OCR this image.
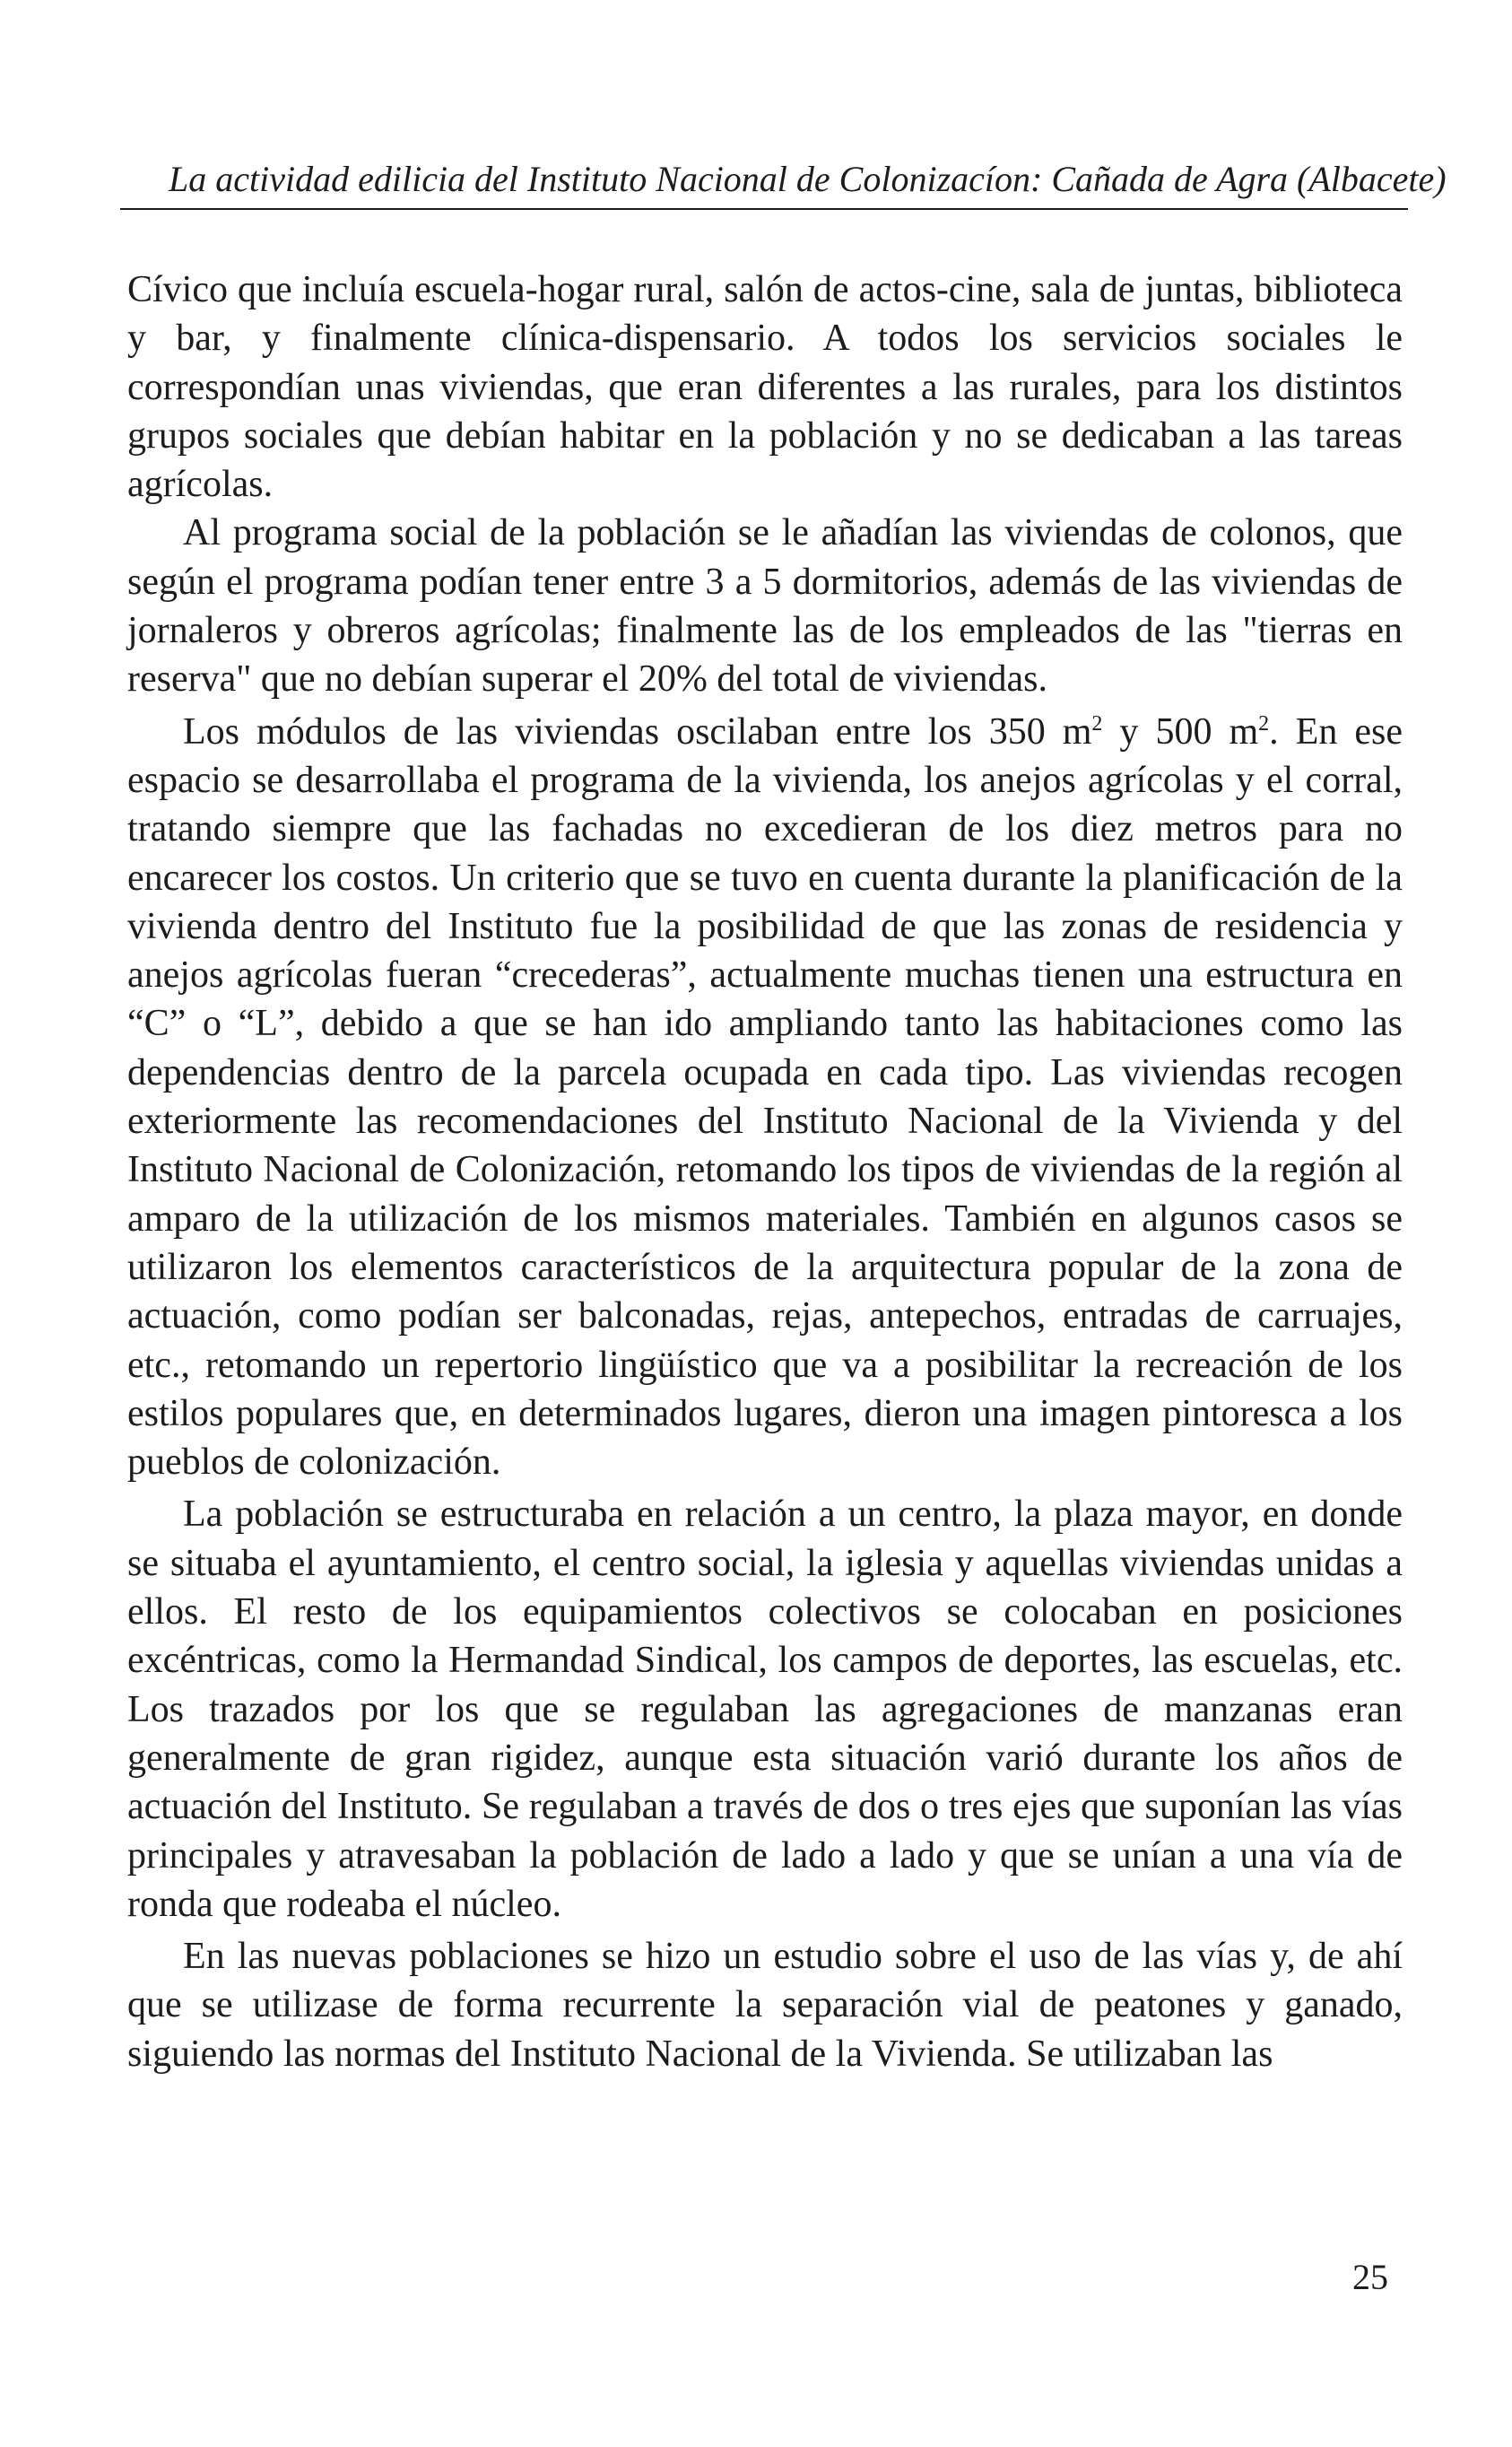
La actividad edilicia del Instituto Nacional de Colonizacíon: Cañada de Agra (Albacete)

Cívico que incluía escuela-hogar rural, salón de actos-cine, sala de juntas, biblioteca y bar, y finalmente clínica-dispensario. A todos los servicios sociales le correspondían unas viviendas, que eran diferentes a las rurales, para los distintos grupos sociales que debían habitar en la población y no se dedicaban a las tareas agrícolas.

Al programa social de la población se le añadían las viviendas de colonos, que según el programa podían tener entre 3 a 5 dormitorios, además de las viviendas de jornaleros y obreros agrícolas; finalmente las de los empleados de las "tierras en reserva" que no debían superar el 20% del total de viviendas.

Los módulos de las viviendas oscilaban entre los 350 $m^2$ y 500 $m^2$. En ese espacio se desarrollaba el programa de la vivienda, los anejos agrícolas y el corral, tratando siempre que las fachadas no excedieran de los diez metros para no encarecer los costos. Un criterio que se tuvo en cuenta durante la planificación de la vivienda dentro del Instituto fue la posibilidad de que las zonas de residencia y anejos agrícolas fueran “crecederas”, actualmente muchas tienen una estructura en “C” o “L”, debido a que se han ido ampliando tanto las habitaciones como las dependencias dentro de la parcela ocupada en cada tipo. Las viviendas recogen exteriormente las recomendaciones del Instituto Nacional de la Vivienda y del Instituto Nacional de Colonización, retomando los tipos de viviendas de la región al amparo de la utilización de los mismos materiales. También en algunos casos se utilizaron los elementos característicos de la arquitectura popular de la zona de actuación, como podían ser balconadas, rejas, antepechos, entradas de carruajes, etc., retomando un repertorio lingüístico que va a posibilitar la recreación de los estilos populares que, en determinados lugares, dieron una imagen pintoresca a los pueblos de colonización.

La población se estructuraba en relación a un centro, la plaza mayor, en donde se situaba el ayuntamiento, el centro social, la iglesia y aquellas viviendas unidas a ellos. El resto de los equipamientos colectivos se colocaban en posiciones excéntricas, como la Hermandad Sindical, los campos de deportes, las escuelas, etc. Los trazados por los que se regulaban las agregaciones de manzanas eran generalmente de gran rigidez, aunque esta situación varió durante los años de actuación del Instituto. Se regulaban a través de dos o tres ejes que suponían las vías principales y atravesaban la población de lado a lado y que se unían a una vía de ronda que rodeaba el núcleo.

En las nuevas poblaciones se hizo un estudio sobre el uso de las vías y, de ahí que se utilizase de forma recurrente la separación vial de peatones y ganado, siguiendo las normas del Instituto Nacional de la Vivienda. Se utilizaban las

25
